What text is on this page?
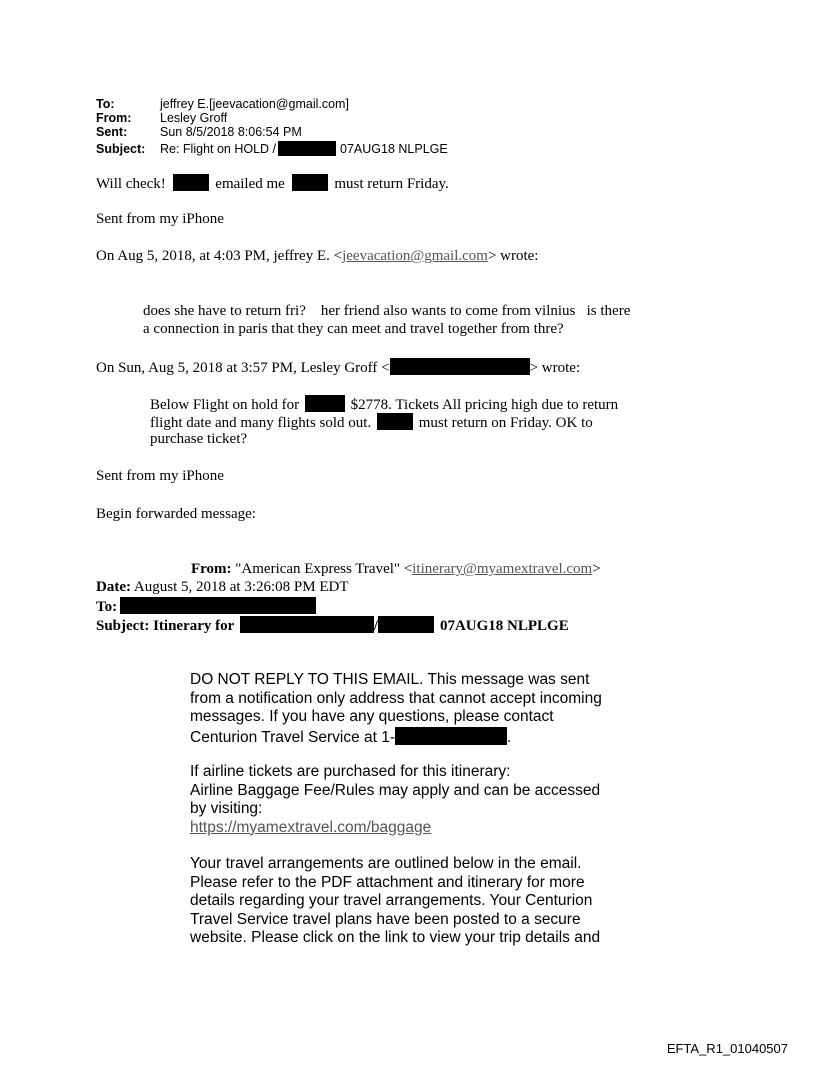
To:	jeffrey E.[jeevacation@gmail.com]
From: Lesley Groff
Sent:	Sun 8/5/2018 8:06:54 PM
Subject: Re: Flight on HOLD /	07AUG18 NLPLGE
Will check!	emailed me	must return Friday.
Sent from my iPhone
On Aug 5, 2018, at 4:03 PM, jeffrey E. <jeevacation@gmail.com> wrote:
does she have to return fri?    her friend also wants to come from vilnius   is there
a connection in paris that they can meet and travel together from thre?
On Sun, Aug 5, 2018 at 3:57 PM, Lesley Groff <	> wrote:
Below Flight on hold for	$2778. Tickets All pricing high due to return
flight date and many flights sold out.	must return on Friday. OK to
purchase ticket?
Sent from my iPhone
Begin forwarded message:
From: "American Express Travel" <itinerary@myamextravel.com>
Date: August 5, 2018 at 3:26:08 PM EDT
To:
Subject: Itinerary for	/	07AUG18 NLPLGE
DO NOT REPLY TO THIS EMAIL. This message was sent
from a notification only address that cannot accept incoming
messages. If you have any questions, please contact
Centurion Travel Service at 1-	.
If airline tickets are purchased for this itinerary:
Airline Baggage Fee/Rules may apply and can be accessed
by visiting:
https://myamextravel.com/baggage
Your travel arrangements are outlined below in the email.
Please refer to the PDF attachment and itinerary for more
details regarding your travel arrangements. Your Centurion
Travel Service travel plans have been posted to a secure
website. Please click on the link to view your trip details and
EFTA_R1_01040507
